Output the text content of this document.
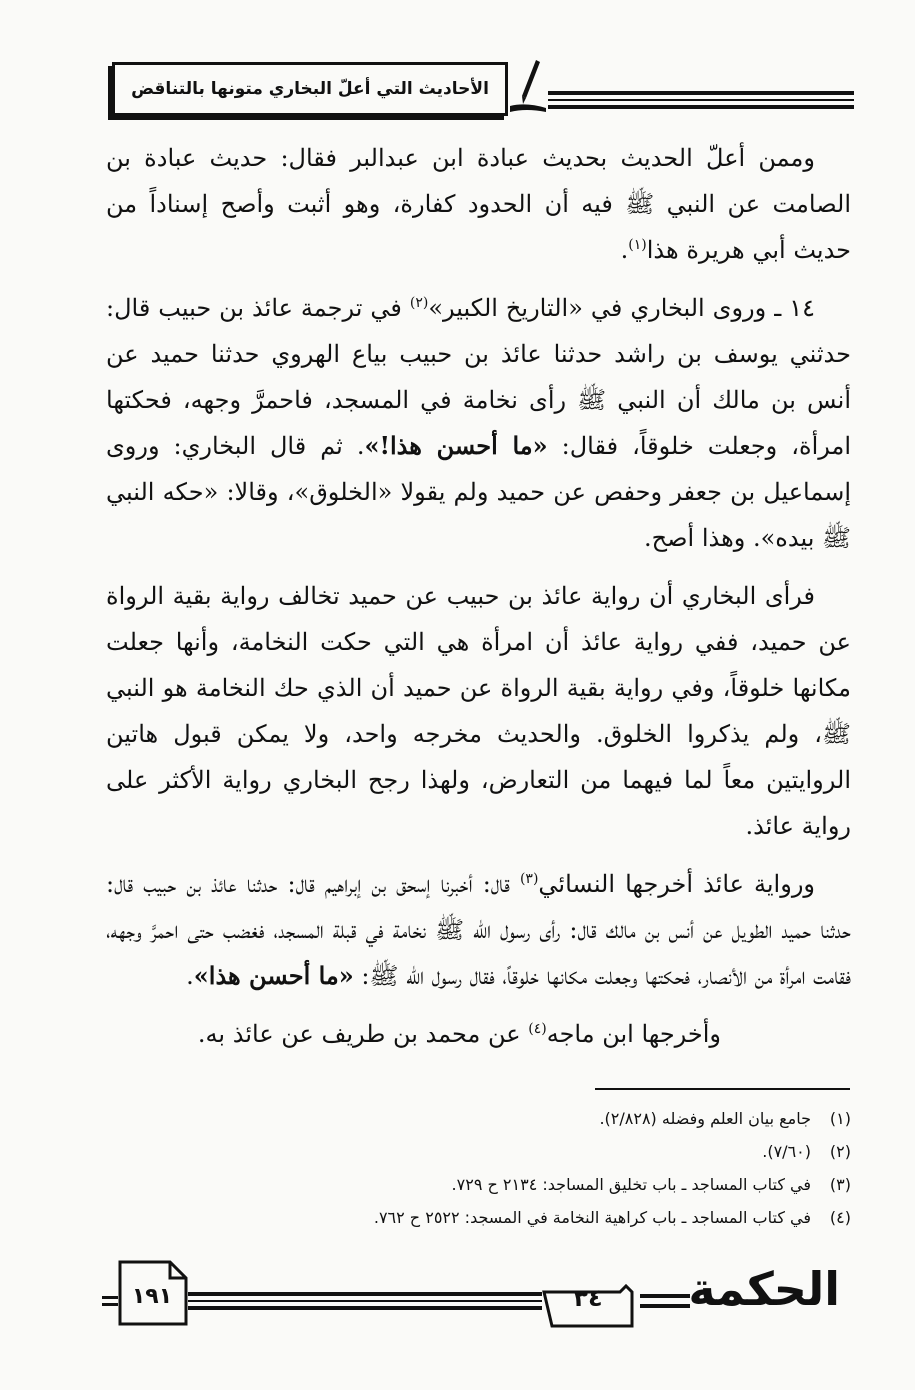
الأحاديث التي أعلّ البخاري متونها بالتناقض

وممن أعلّ الحديث بحديث عبادة ابن عبدالبر فقال: حديث عبادة بن الصامت عن النبي ﷺ فيه أن الحدود كفارة، وهو أثبت وأصح إسناداً من حديث أبي هريرة هذا$^{(١)}$.

١٤ ـ وروى البخاري في «التاريخ الكبير»$^{(٢)}$ في ترجمة عائذ بن حبيب قال: حدثني يوسف بن راشد حدثنا عائذ بن حبيب بياع الهروي حدثنا حميد عن أنس بن مالك أن النبي ﷺ رأى نخامة في المسجد، فاحمرَّ وجهه، فحكتها امرأة، وجعلت خلوقاً، فقال: «ما أحسن هذا!». ثم قال البخاري: وروى إسماعيل بن جعفر وحفص عن حميد ولم يقولا «الخلوق»، وقالا: «حكه النبي ﷺ بيده». وهذا أصح.

فرأى البخاري أن رواية عائذ بن حبيب عن حميد تخالف رواية بقية الرواة عن حميد، ففي رواية عائذ أن امرأة هي التي حكت النخامة، وأنها جعلت مكانها خلوقاً، وفي رواية بقية الرواة عن حميد أن الذي حك النخامة هو النبي ﷺ، ولم يذكروا الخلوق. والحديث مخرجه واحد، ولا يمكن قبول هاتين الروايتين معاً لما فيهما من التعارض، ولهذا رجح البخاري رواية الأكثر على رواية عائذ.

ورواية عائذ أخرجها النسائي$^{(٣)}$ قال: أخبرنا إسحق بن إبراهيم قال: حدثنا عائذ بن حبيب قال: حدثنا حميد الطويل عن أنس بن مالك قال: رأى رسول الله ﷺ نخامة في قبلة المسجد، فغضب حتى احمرَّ وجهه، فقامت امرأة من الأنصار، فحكتها وجعلت مكانها خلوقاً، فقال رسول الله ﷺ: «ما أحسن هذا».

وأخرجها ابن ماجه$^{(٤)}$ عن محمد بن طريف عن عائذ به.

(١)
جامع بيان العلم وفضله (٢/٨٢٨).
(٢)
(٧/٦٠).
(٣)
في كتاب المساجد ـ باب تخليق المساجد: ٢١٣٤ ح ٧٢٩.
(٤)
في كتاب المساجد ـ باب كراهية النخامة في المسجد: ٢٥٢٢ ح ٧٦٢.
١٩١	٣٤	الحكمة
